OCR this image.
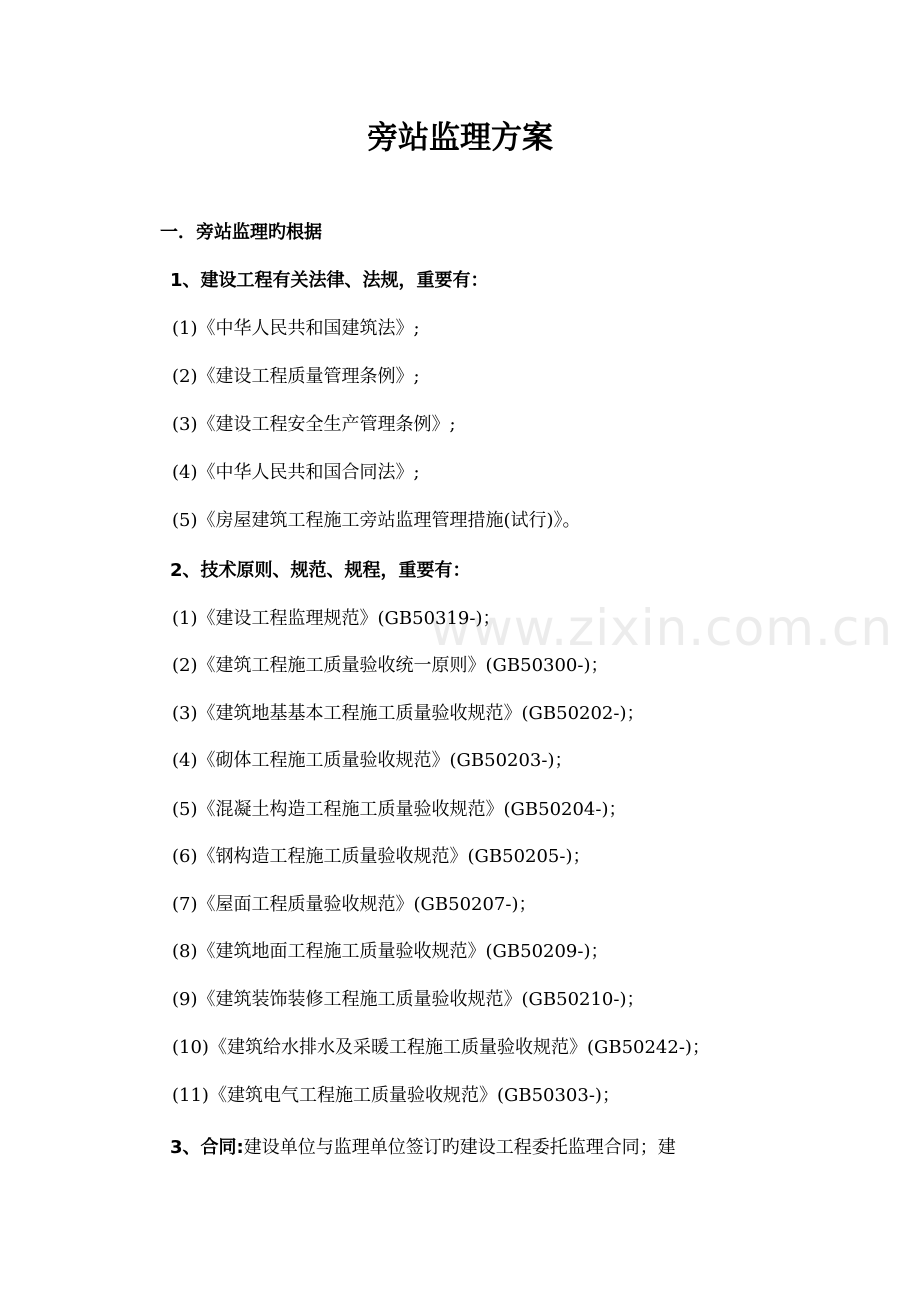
www.zixin.com.cn
旁站监理方案
一．旁站监理旳根据
1、建设工程有关法律、法规，重要有：
(1)《中华人民共和国建筑法》;
(2)《建设工程质量管理条例》;
(3)《建设工程安全生产管理条例》;
(4)《中华人民共和国合同法》;
(5)《房屋建筑工程施工旁站监理管理措施(试行)》。
2、技术原则、规范、规程，重要有：
(1)《建设工程监理规范》(GB50319-)；
(2)《建筑工程施工质量验收统一原则》(GB50300-)；
(3)《建筑地基基本工程施工质量验收规范》(GB50202-)；
(4)《砌体工程施工质量验收规范》(GB50203-)；
(5)《混凝土构造工程施工质量验收规范》(GB50204-)；
(6)《钢构造工程施工质量验收规范》(GB50205-)；
(7)《屋面工程质量验收规范》(GB50207-)；
(8)《建筑地面工程施工质量验收规范》(GB50209-)；
(9)《建筑装饰装修工程施工质量验收规范》(GB50210-)；
(10)《建筑给水排水及采暖工程施工质量验收规范》(GB50242-)；
(11)《建筑电气工程施工质量验收规范》(GB50303-)；
3、合同:建设单位与监理单位签订旳建设工程委托监理合同；建
